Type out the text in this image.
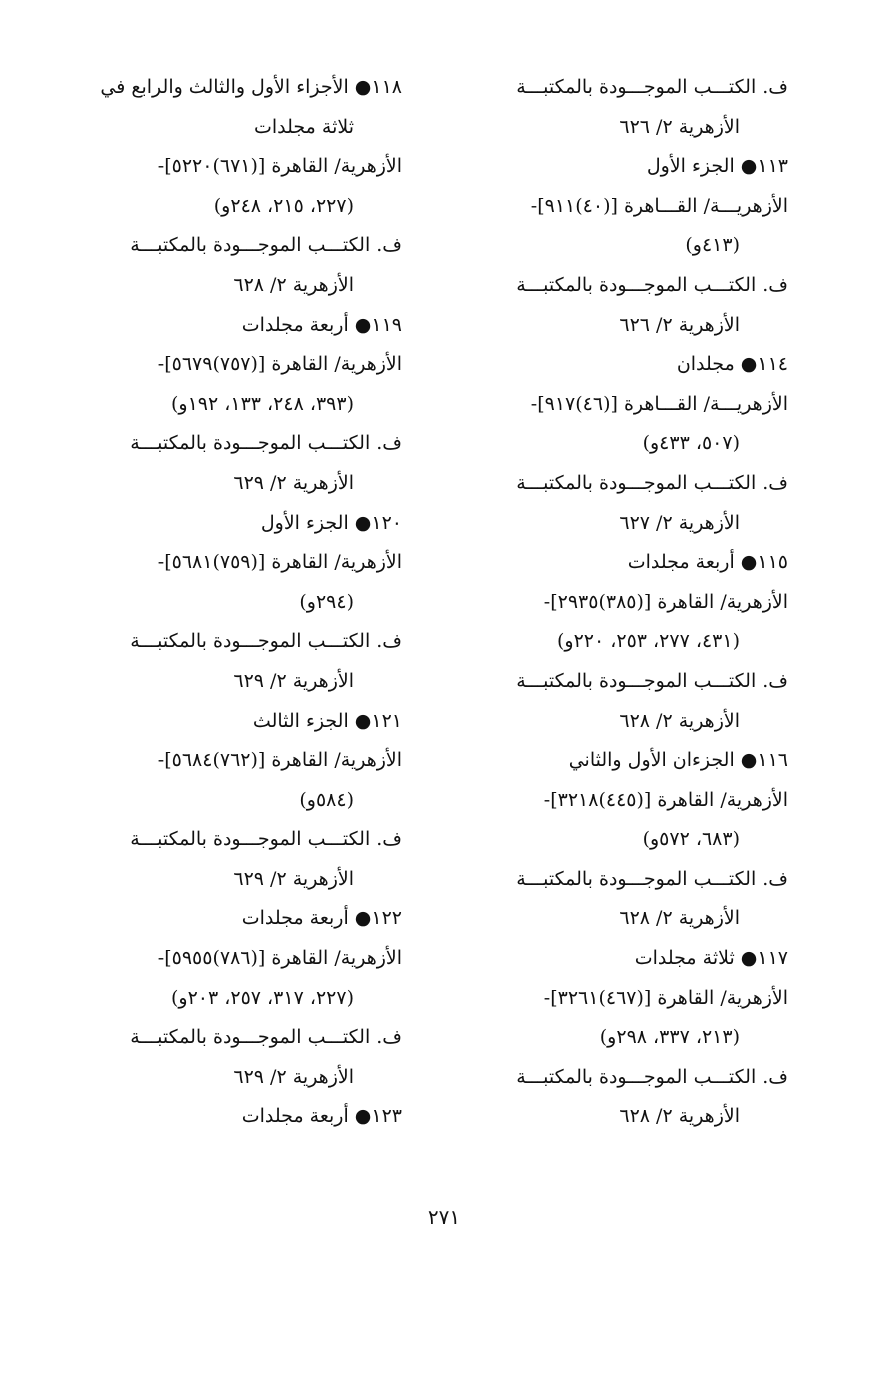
ف. الكتـــب الموجـــودة بالمكتبـــة
الأزهرية ٢/ ٦٢٦
١١٣● الجزء الأول
الأزهريـــة/ القـــاهرة [(٤٠)٩١١]-
(٤١٣و)
ف. الكتـــب الموجـــودة بالمكتبـــة
الأزهرية ٢/ ٦٢٦
١١٤● مجلدان
الأزهريـــة/ القـــاهرة [(٤٦)٩١٧]-
(٥٠٧، ٤٣٣و)
ف. الكتـــب الموجـــودة بالمكتبـــة
الأزهرية ٢/ ٦٢٧
١١٥● أربعة مجلدات
الأزهرية/ القاهرة [(٣٨٥)٢٩٣٥]-
(٤٣١، ٢٧٧، ٢٥٣، ٢٢٠و)
ف. الكتـــب الموجـــودة بالمكتبـــة
الأزهرية ٢/ ٦٢٨
١١٦● الجزءان الأول والثاني
الأزهرية/ القاهرة [(٤٤٥)٣٢١٨]-
(٦٨٣، ٥٧٢و)
ف. الكتـــب الموجـــودة بالمكتبـــة
الأزهرية ٢/ ٦٢٨
١١٧● ثلاثة مجلدات
الأزهرية/ القاهرة [(٤٦٧)٣٢٦١]-
(٢١٣، ٣٣٧، ٢٩٨و)
ف. الكتـــب الموجـــودة بالمكتبـــة
الأزهرية ٢/ ٦٢٨
١١٨● الأجزاء الأول والثالث والرابع في
ثلاثة مجلدات
الأزهرية/ القاهرة [(٦٧١)٥٢٢٠]-
(٢٢٧، ٢١٥، ٢٤٨و)
ف. الكتـــب الموجـــودة بالمكتبـــة
الأزهرية ٢/ ٦٢٨
١١٩● أربعة مجلدات
الأزهرية/ القاهرة [(٧٥٧)٥٦٧٩]-
(٣٩٣، ٢٤٨، ١٣٣، ١٩٢و)
ف. الكتـــب الموجـــودة بالمكتبـــة
الأزهرية ٢/ ٦٢٩
١٢٠● الجزء الأول
الأزهرية/ القاهرة [(٧٥٩)٥٦٨١]-
(٢٩٤و)
ف. الكتـــب الموجـــودة بالمكتبـــة
الأزهرية ٢/ ٦٢٩
١٢١● الجزء الثالث
الأزهرية/ القاهرة [(٧٦٢)٥٦٨٤]-
(٥٨٤و)
ف. الكتـــب الموجـــودة بالمكتبـــة
الأزهرية ٢/ ٦٢٩
١٢٢● أربعة مجلدات
الأزهرية/ القاهرة [(٧٨٦)٥٩٥٥]-
(٢٢٧، ٣١٧، ٢٥٧، ٢٠٣و)
ف. الكتـــب الموجـــودة بالمكتبـــة
الأزهرية ٢/ ٦٢٩
١٢٣● أربعة مجلدات
٢٧١
